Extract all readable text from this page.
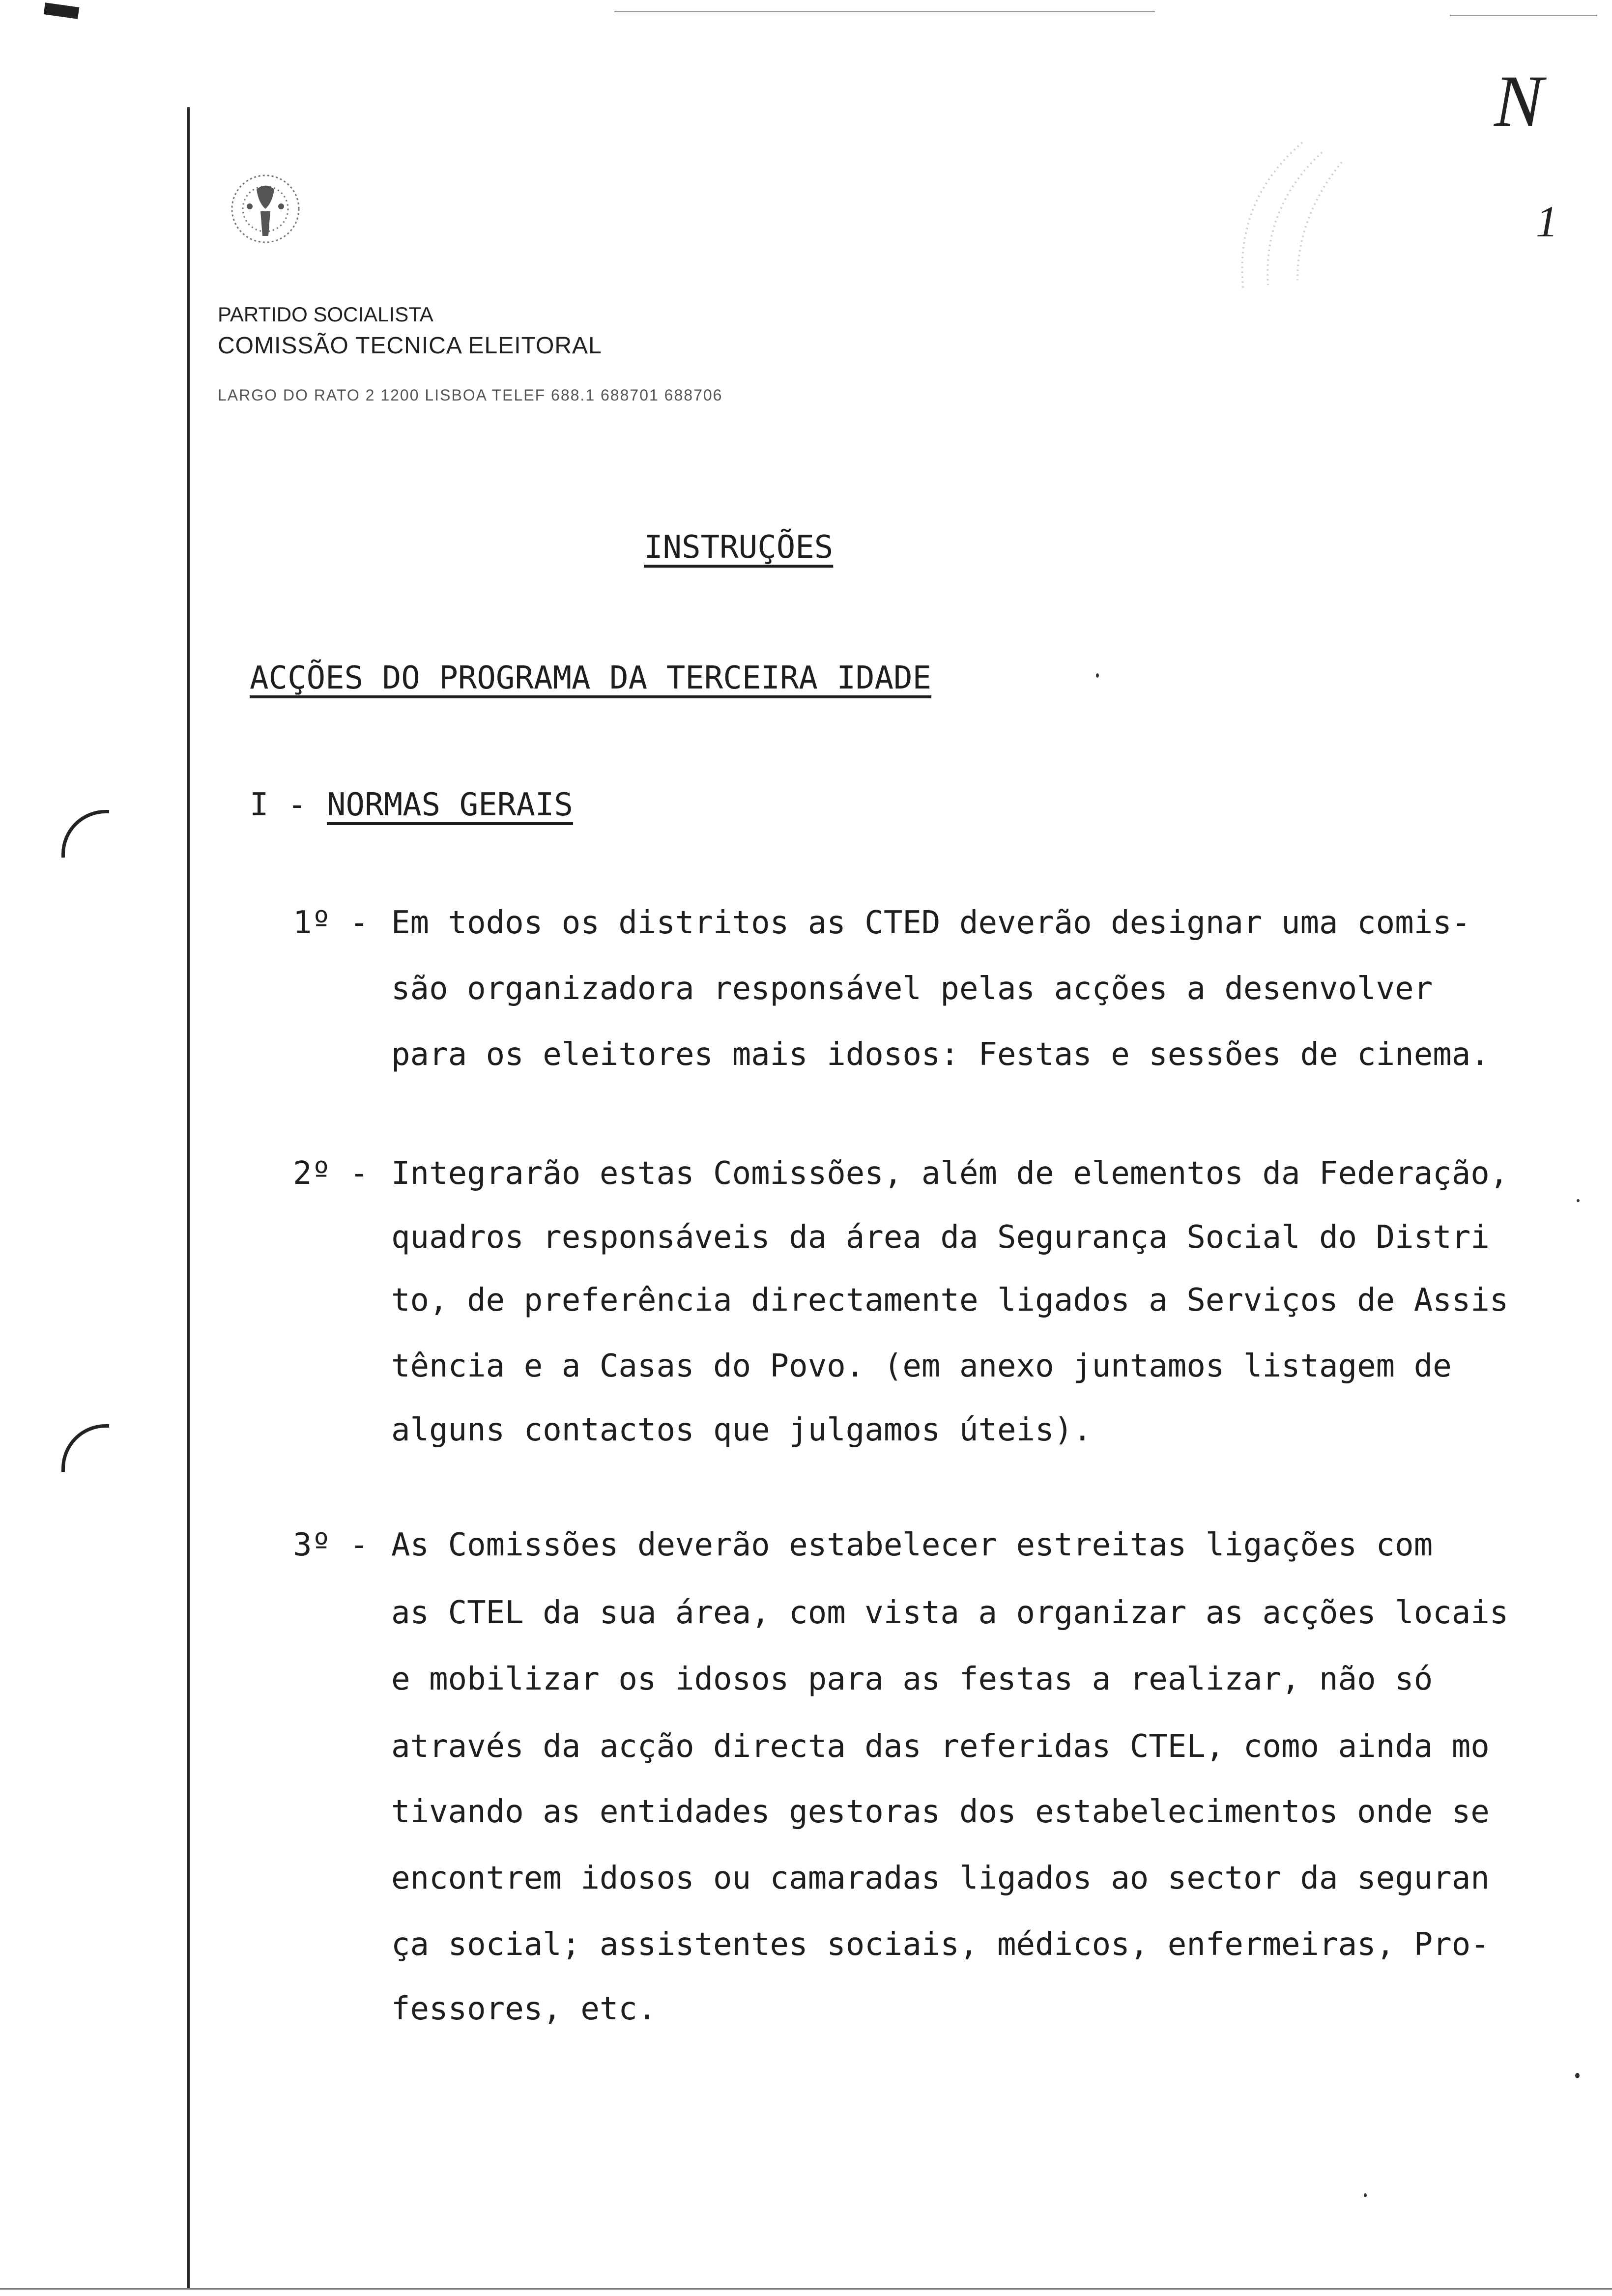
PARTIDO SOCIALISTA
COMISSÃO TECNICA ELEITORAL
LARGO DO RATO 2 1200 LISBOA TELEF 688.1 688701 688706
N
1
INSTRUÇÕES
ACÇÕES DO PROGRAMA DA TERCEIRA IDADE
I - NORMAS GERAIS
1º - Em todos os distritos as CTED deverão designar uma comis-
são organizadora responsável pelas acções a desenvolver
para os eleitores mais idosos: Festas e sessões de cinema.
2º - Integrarão estas Comissões, além de elementos da Federação,
quadros responsáveis da área da Segurança Social do Distri
to, de preferência directamente ligados a Serviços de Assis
tência e a Casas do Povo. (em anexo juntamos listagem de
alguns contactos que julgamos úteis).
3º - As Comissões deverão estabelecer estreitas ligações com
as CTEL da sua área, com vista a organizar as acções locais
e mobilizar os idosos para as festas a realizar, não só
através da acção directa das referidas CTEL, como ainda mo
tivando as entidades gestoras dos estabelecimentos onde se
encontrem idosos ou camaradas ligados ao sector da seguran
ça social; assistentes sociais, médicos, enfermeiras, Pro-
fessores, etc.
